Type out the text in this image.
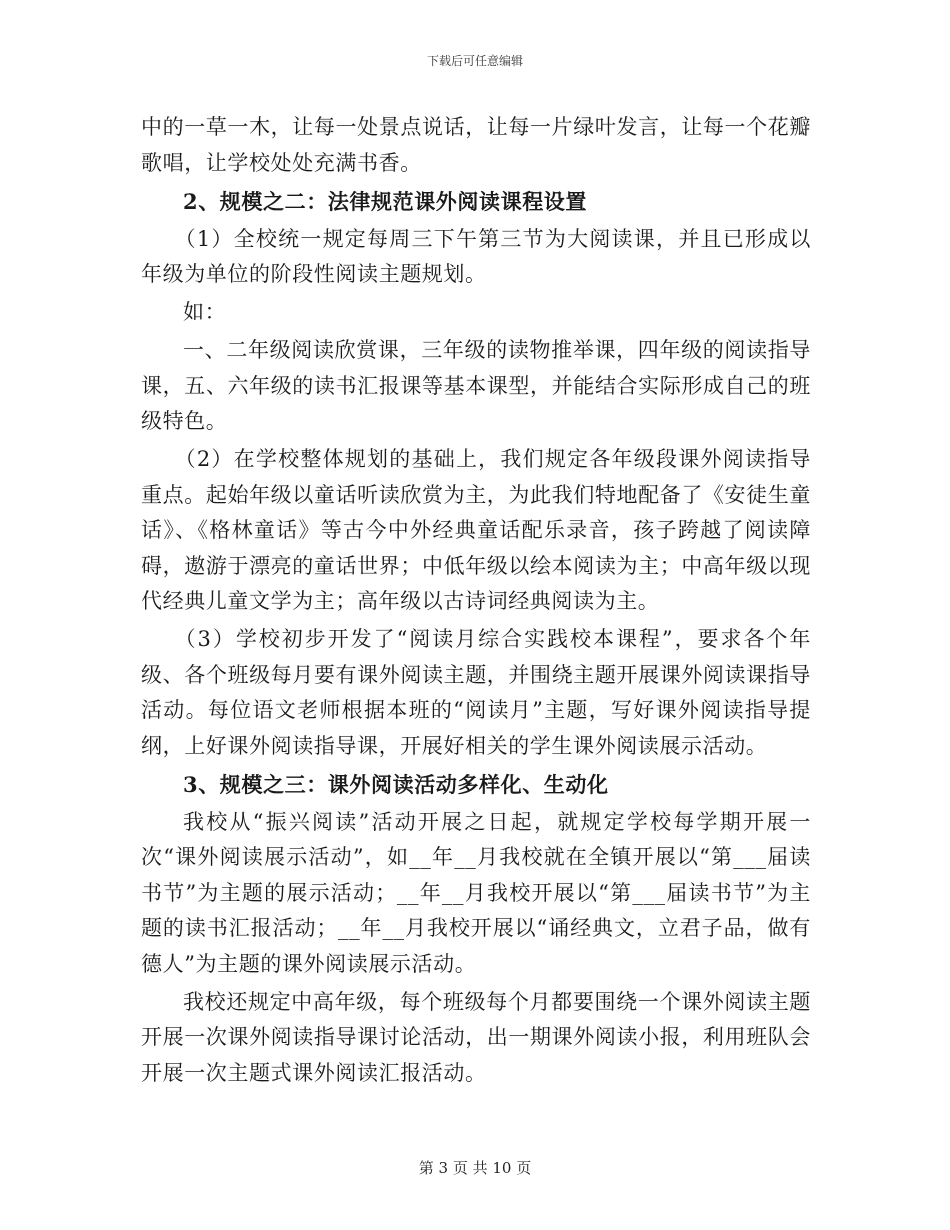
下载后可任意编辑

中的一草一木，让每一处景点说话，让每一片绿叶发言，让每一个花瓣歌唱，让学校处处充满书香。

2、规模之二：法律规范课外阅读课程设置

（1）全校统一规定每周三下午第三节为大阅读课，并且已形成以年级为单位的阶段性阅读主题规划。

如：

一、二年级阅读欣赏课，三年级的读物推举课，四年级的阅读指导课，五、六年级的读书汇报课等基本课型，并能结合实际形成自己的班级特色。

（2）在学校整体规划的基础上，我们规定各年级段课外阅读指导重点。起始年级以童话听读欣赏为主，为此我们特地配备了《安徒生童话》、《格林童话》等古今中外经典童话配乐录音，孩子跨越了阅读障碍，遨游于漂亮的童话世界；中低年级以绘本阅读为主；中高年级以现代经典儿童文学为主；高年级以古诗词经典阅读为主。

（3）学校初步开发了“阅读月综合实践校本课程”，要求各个年级、各个班级每月要有课外阅读主题，并围绕主题开展课外阅读课指导活动。每位语文老师根据本班的“阅读月”主题，写好课外阅读指导提纲，上好课外阅读指导课，开展好相关的学生课外阅读展示活动。

3、规模之三：课外阅读活动多样化、生动化

我校从“振兴阅读”活动开展之日起，就规定学校每学期开展一次“课外阅读展示活动”，如__年__月我校就在全镇开展以“第___届读书节”为主题的展示活动；__年__月我校开展以“第___届读书节”为主题的读书汇报活动；__年__月我校开展以“诵经典文，立君子品，做有德人”为主题的课外阅读展示活动。

我校还规定中高年级，每个班级每个月都要围绕一个课外阅读主题开展一次课外阅读指导课讨论活动，出一期课外阅读小报，利用班队会开展一次主题式课外阅读汇报活动。

第 3 页 共 10 页
